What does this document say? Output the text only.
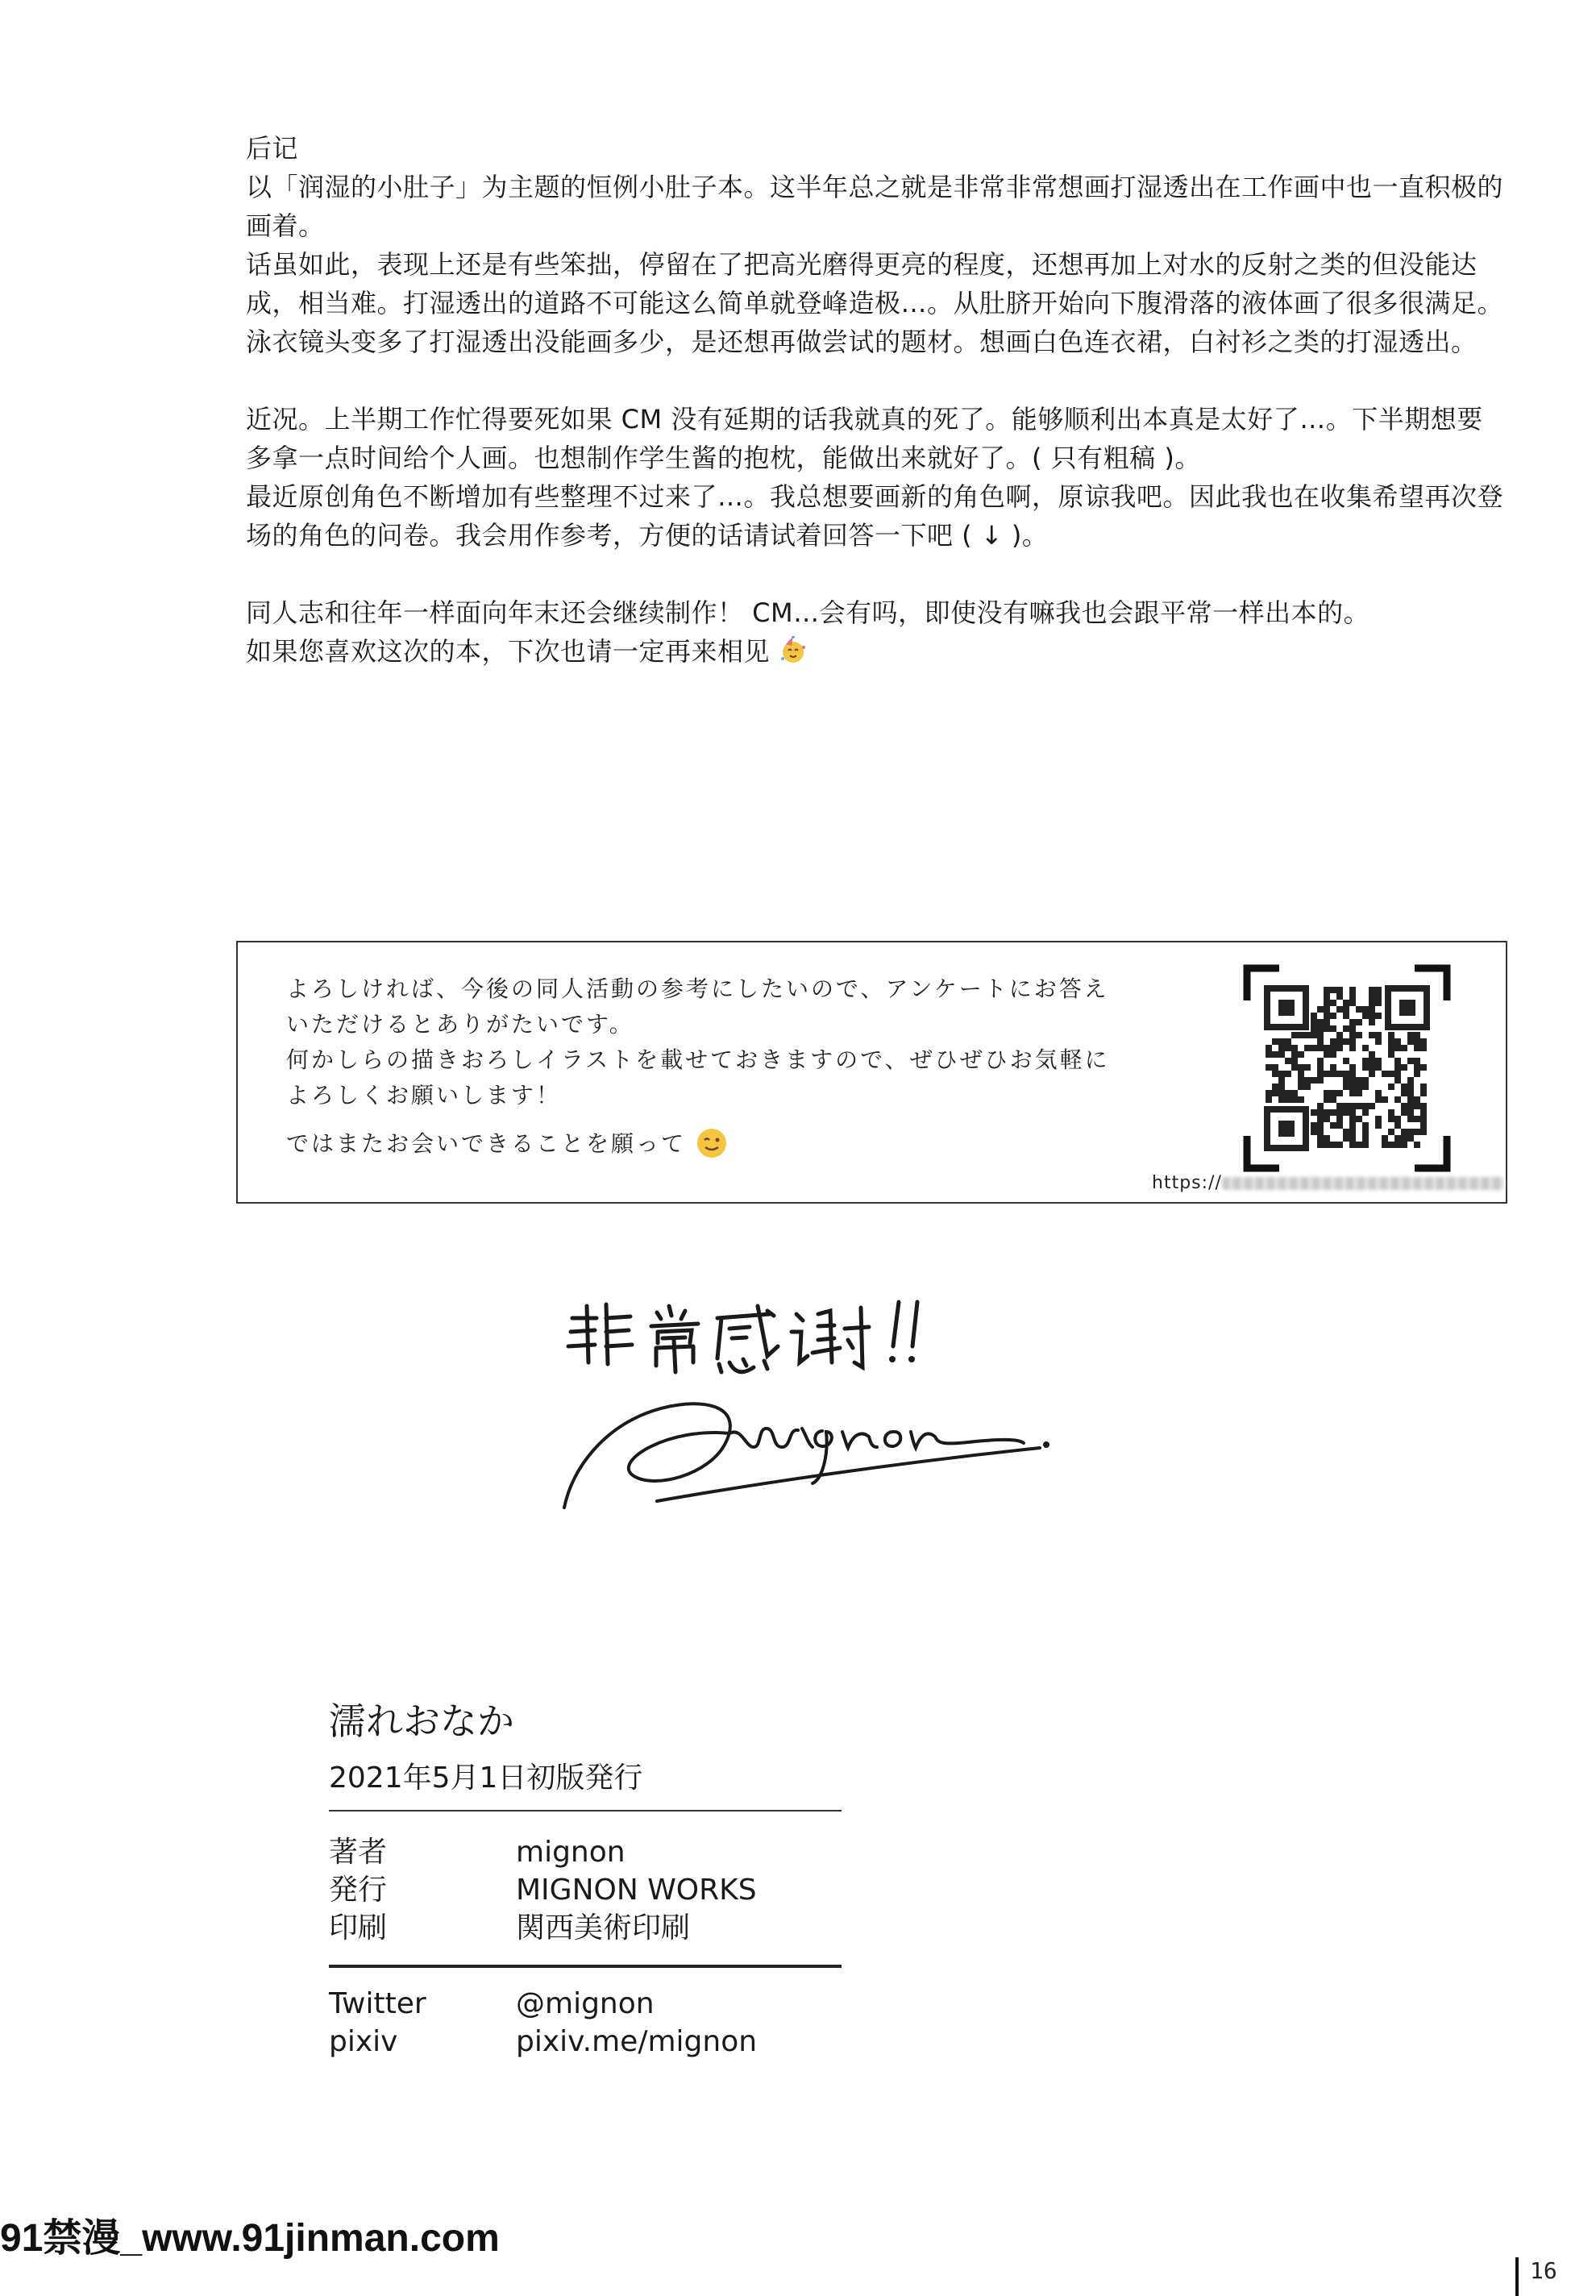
后记

以「润湿的小肚子」为主题的恒例小肚子本。这半年总之就是非常非常想画打湿透出在工作画中也一直积极的画着。

话虽如此，表现上还是有些笨拙，停留在了把高光磨得更亮的程度，还想再加上对水的反射之类的但没能达成，相当难。打湿透出的道路不可能这么简单就登峰造极…。从肚脐开始向下腹滑落的液体画了很多很满足。

泳衣镜头变多了打湿透出没能画多少，是还想再做尝试的题材。想画白色连衣裙，白衬衫之类的打湿透出。

近况。上半期工作忙得要死如果 CM 没有延期的话我就真的死了。能够顺利出本真是太好了…。下半期想要多拿一点时间给个人画。也想制作学生酱的抱枕，能做出来就好了。( 只有粗稿 )。

最近原创角色不断增加有些整理不过来了…。我总想要画新的角色啊，原谅我吧。因此我也在收集希望再次登场的角色的问卷。我会用作参考，方便的话请试着回答一下吧 ( ↓ )。

同人志和往年一样面向年末还会继续制作！ CM…会有吗，即使没有嘛我也会跟平常一样出本的。

如果您喜欢这次的本，下次也请一定再来相见

よろしければ、今後の同人活動の参考にしたいので、アンケートにお答え

いただけるとありがたいです。

何かしらの描きおろしイラストを載せておきますので、ぜひぜひお気軽に

よろしくお願いします！

ではまたお会いできることを願って

https://
濡れおなか
2021年5月1日初版発行
著者	mignon
発行	MIGNON WORKS
印刷	関西美術印刷
Twitter	@mignon
pixiv	pixiv.me/mignon
91禁漫_www.91jinman.com
16
